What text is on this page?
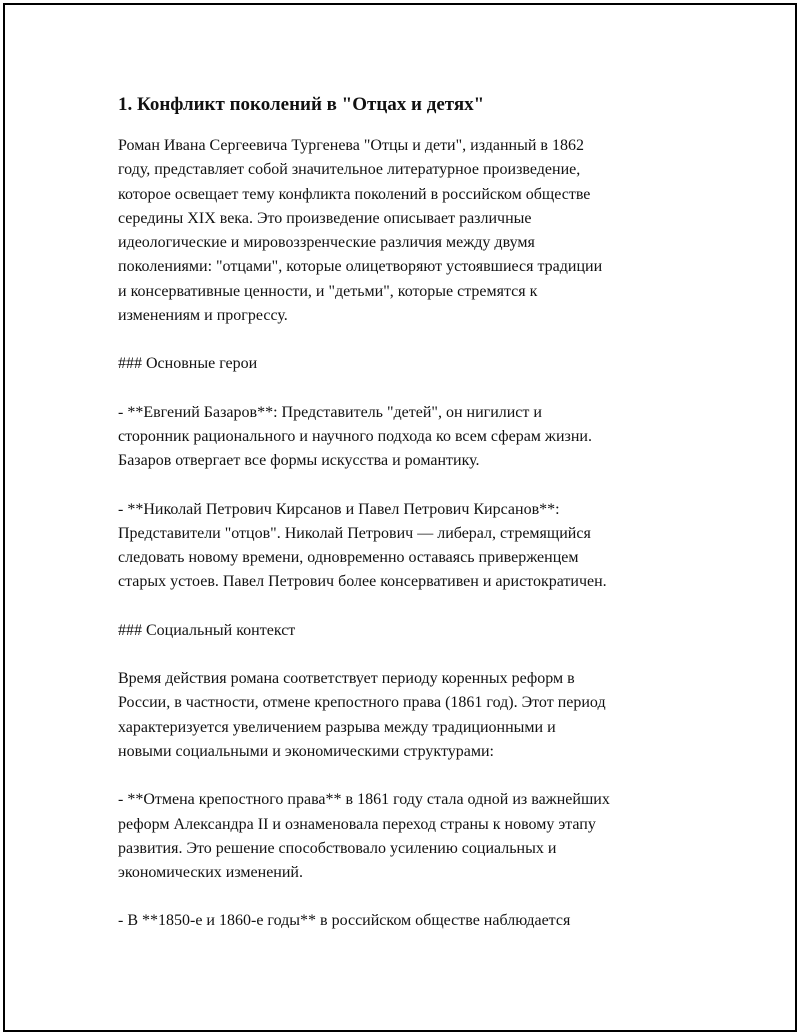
1. Конфликт поколений в "Отцах и детях"

Роман Ивана Сергеевича Тургенева "Отцы и дети", изданный в 1862
году, представляет собой значительное литературное произведение,
которое освещает тему конфликта поколений в российском обществе
середины XIX века. Это произведение описывает различные
идеологические и мировоззренческие различия между двумя
поколениями: "отцами", которые олицетворяют устоявшиеся традиции
и консервативные ценности, и "детьми", которые стремятся к
изменениям и прогрессу.

### Основные герои

- **Евгений Базаров**: Представитель "детей", он нигилист и
сторонник рационального и научного подхода ко всем сферам жизни.
Базаров отвергает все формы искусства и романтику.

- **Николай Петрович Кирсанов и Павел Петрович Кирсанов**:
Представители "отцов". Николай Петрович — либерал, стремящийся
следовать новому времени, одновременно оставаясь приверженцем
старых устоев. Павел Петрович более консервативен и аристократичен.

### Социальный контекст

Время действия романа соответствует периоду коренных реформ в
России, в частности, отмене крепостного права (1861 год). Этот период
характеризуется увеличением разрыва между традиционными и
новыми социальными и экономическими структурами:

- **Отмена крепостного права** в 1861 году стала одной из важнейших
реформ Александра II и ознаменовала переход страны к новому этапу
развития. Это решение способствовало усилению социальных и
экономических изменений.

- В **1850-е и 1860-е годы** в российском обществе наблюдается
